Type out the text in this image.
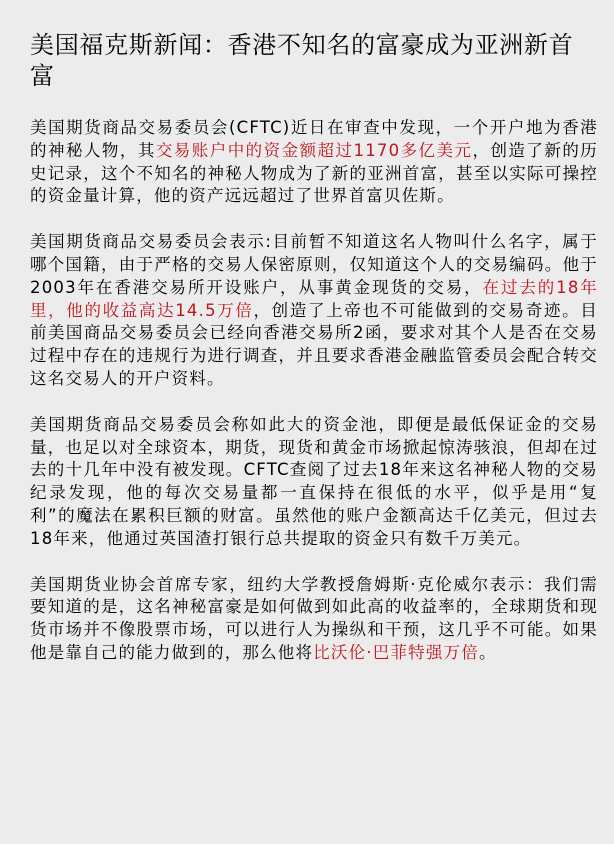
美国福克斯新闻：香港不知名的富豪成为亚洲新首富

美国期货商品交易委员会(CFTC)近日在审查中发现，一个开户地为香港的神秘人物，其交易账户中的资金额超过1170多亿美元，创造了新的历史记录，这个不知名的神秘人物成为了新的亚洲首富，甚至以实际可操控的资金量计算，他的资产远远超过了世界首富贝佐斯。

美国期货商品交易委员会表示:目前暂不知道这名人物叫什么名字，属于哪个国籍，由于严格的交易人保密原则，仅知道这个人的交易编码。他于2003年在香港交易所开设账户，从事黄金现货的交易，在过去的18年里，他的收益高达14.5万倍，创造了上帝也不可能做到的交易奇迹。目前美国商品交易委员会已经向香港交易所2函，要求对其个人是否在交易过程中存在的违规行为进行调查，并且要求香港金融监管委员会配合转交这名交易人的开户资料。

美国期货商品交易委员会称如此大的资金池，即便是最低保证金的交易量，也足以对全球资本，期货，现货和黄金市场掀起惊涛骇浪，但却在过去的十几年中没有被发现。CFTC查阅了过去18年来这名神秘人物的交易纪录发现，他的每次交易量都一直保持在很低的水平，似乎是用“复利”的魔法在累积巨额的财富。虽然他的账户金额高达千亿美元，但过去18年来，他通过英国渣打银行总共提取的资金只有数千万美元。

美国期货业协会首席专家，纽约大学教授詹姆斯·克伦威尔表示：我们需要知道的是，这名神秘富豪是如何做到如此高的收益率的，全球期货和现货市场并不像股票市场，可以进行人为操纵和干预，这几乎不可能。如果他是靠自己的能力做到的，那么他将比沃伦·巴菲特强万倍。
